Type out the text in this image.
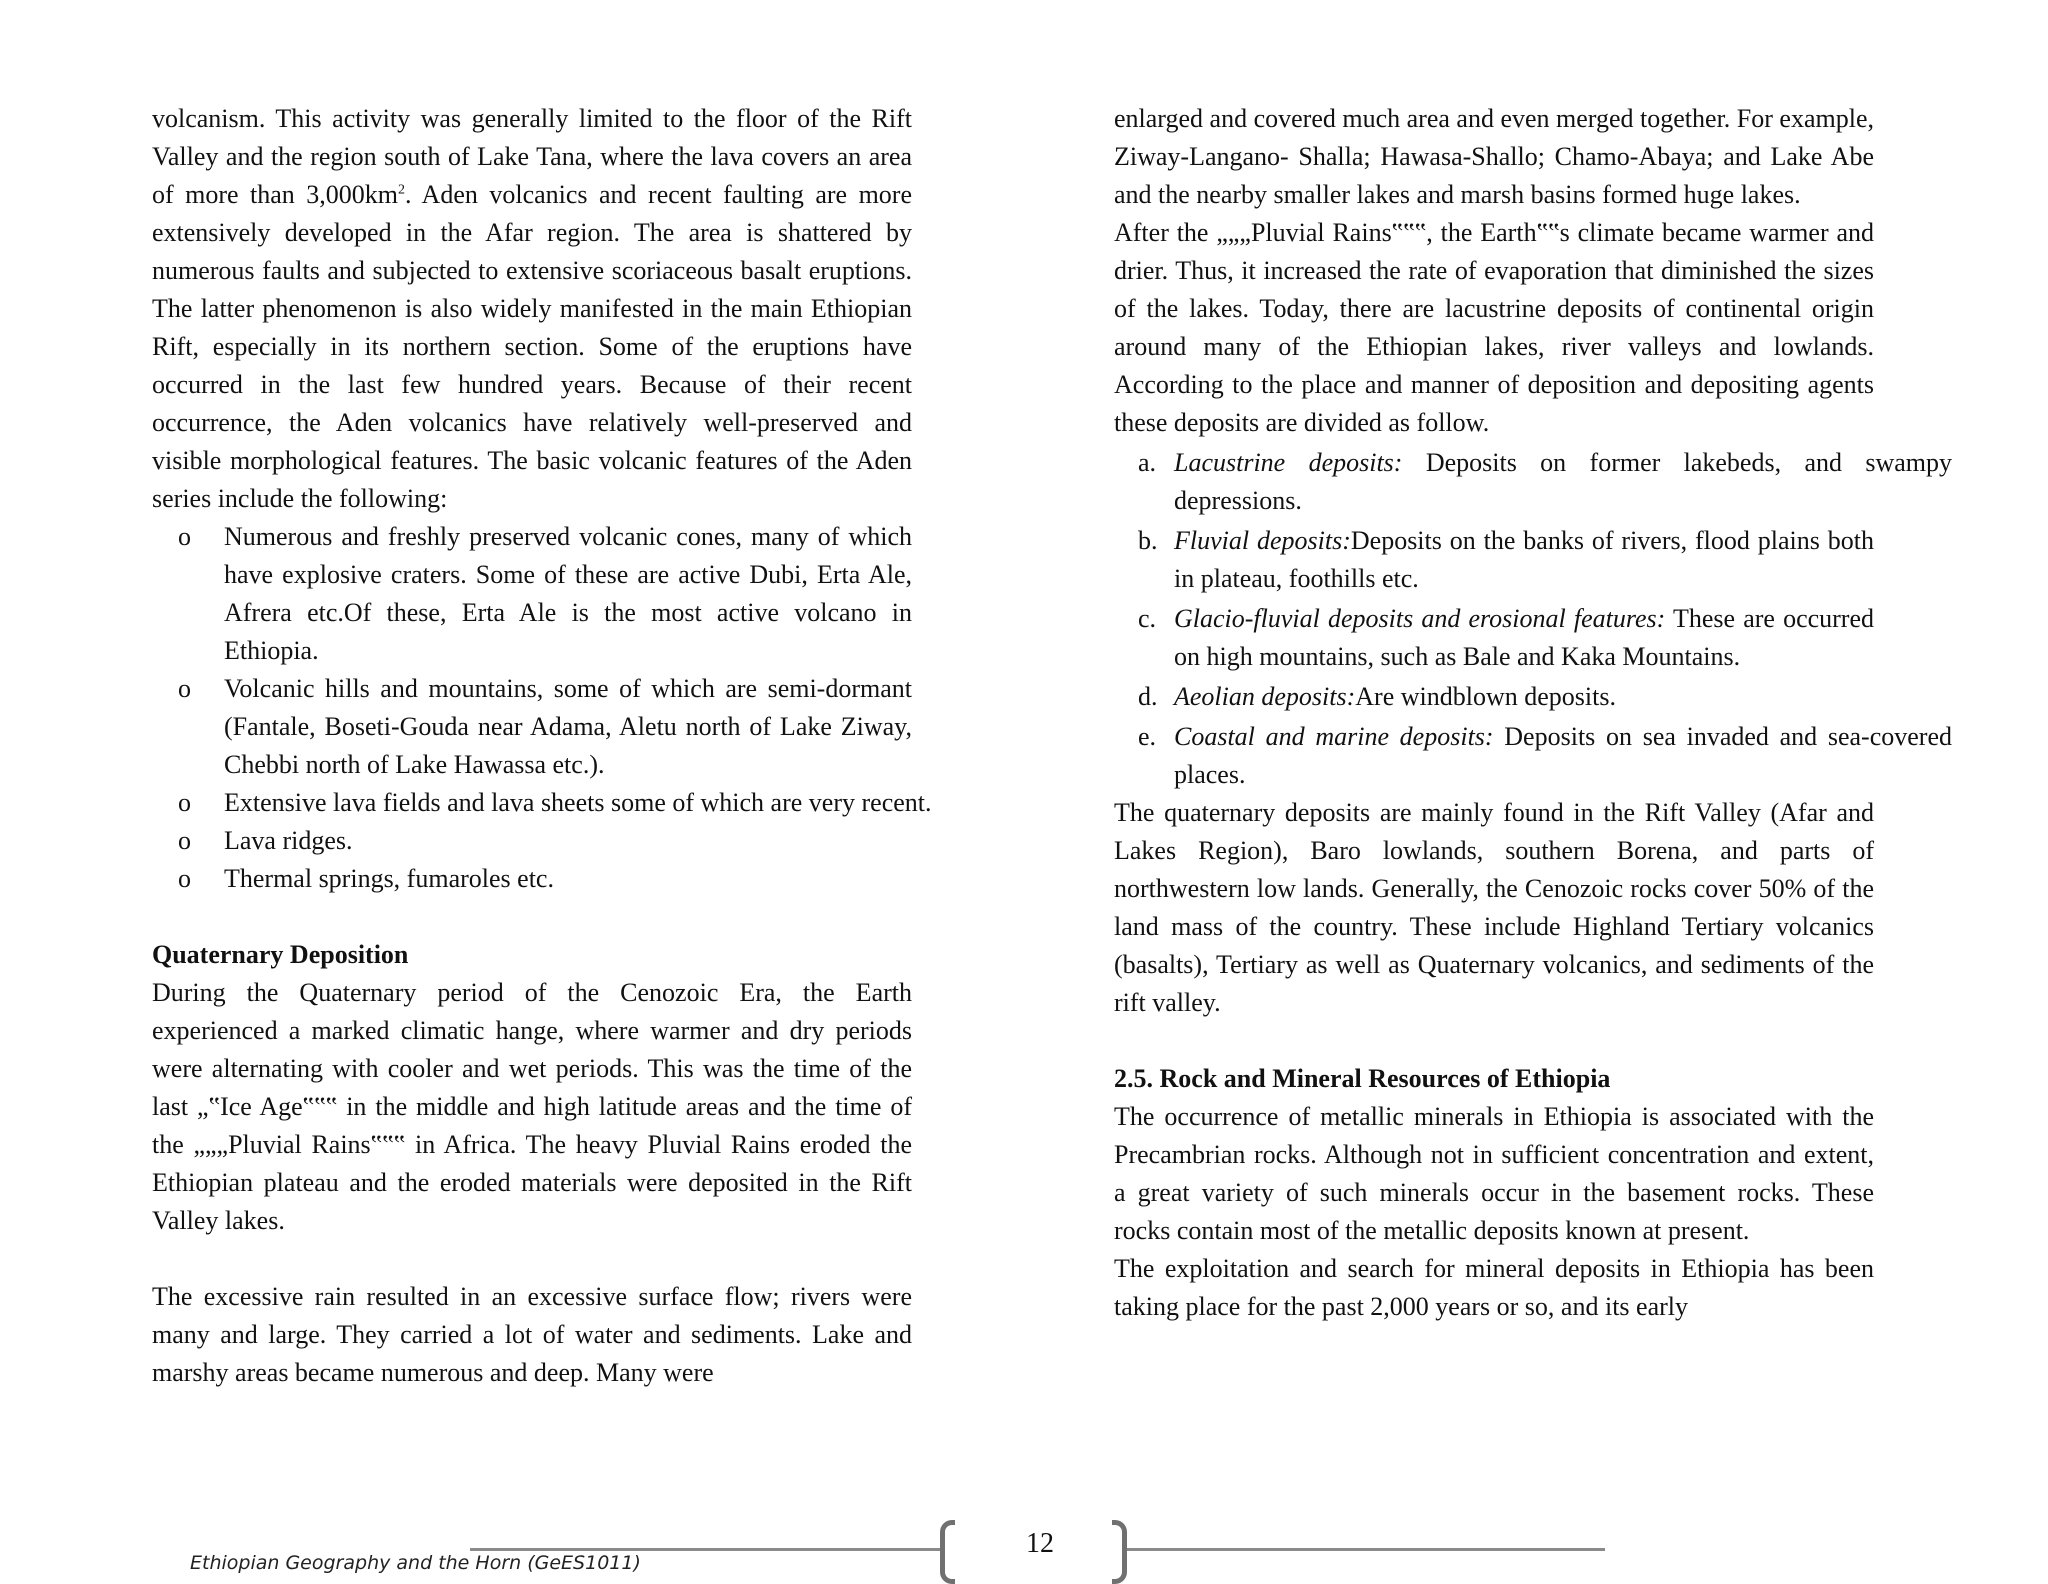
volcanism. This activity was generally limited to the floor of the Rift Valley and the region south of Lake Tana, where the lava covers an area of more than $3,000km^2$. Aden volcanics and recent faulting are more extensively developed in the Afar region. The area is shattered by numerous faults and subjected to extensive scoriaceous basalt eruptions. The latter phenomenon is also widely manifested in the main Ethiopian Rift, especially in its northern section. Some of the eruptions have occurred in the last few hundred years. Because of their recent occurrence, the Aden volcanics have relatively well-preserved and visible morphological features. The basic volcanic features of the Aden series include the following:

o Numerous and freshly preserved volcanic cones, many of which have explosive craters. Some of these are active Dubi, Erta Ale, Afrera etc.Of these, Erta Ale is the most active volcano in Ethiopia.
o Volcanic hills and mountains, some of which are semi-dormant (Fantale, Boseti-Gouda near Adama, Aletu north of Lake Ziway, Chebbi north of Lake Hawassa etc.).
o Extensive lava fields and lava sheets some of which are very recent.
o Lava ridges.
o Thermal springs, fumaroles etc.
Quaternary Deposition

During the Quaternary period of the Cenozoic Era, the Earth experienced a marked climatic hange, where warmer and dry periods were alternating with cooler and wet periods. This was the time of the last „‟Ice Age‟‟‟ in the middle and high latitude areas and the time of the „„„Pluvial Rains‟‟‟ in Africa. The heavy Pluvial Rains eroded the Ethiopian plateau and the eroded materials were deposited in the Rift Valley lakes.

The excessive rain resulted in an excessive surface flow; rivers were many and large. They carried a lot of water and sediments. Lake and marshy areas became numerous and deep. Many were

enlarged and covered much area and even merged together. For example, Ziway-Langano- Shalla; Hawasa-Shallo; Chamo-Abaya; and Lake Abe and the nearby smaller lakes and marsh basins formed huge lakes.

After the „„„Pluvial Rains‟‟‟, the Earth‟‟s climate became warmer and drier. Thus, it increased the rate of evaporation that diminished the sizes of the lakes. Today, there are lacustrine deposits of continental origin around many of the Ethiopian lakes, river valleys and lowlands. According to the place and manner of deposition and depositing agents these deposits are divided as follow.

a. Lacustrine deposits: Deposits on former lakebeds, and swampy depressions.
b. Fluvial deposits:Deposits on the banks of rivers, flood plains both in plateau, foothills etc.
c. Glacio-fluvial deposits and erosional features: These are occurred on high mountains, such as Bale and Kaka Mountains.
d. Aeolian deposits:Are windblown deposits.
e. Coastal and marine deposits: Deposits on sea invaded and sea-covered places.

The quaternary deposits are mainly found in the Rift Valley (Afar and Lakes Region), Baro lowlands, southern Borena, and parts of northwestern low lands. Generally, the Cenozoic rocks cover 50% of the land mass of the country. These include Highland Tertiary volcanics (basalts), Tertiary as well as Quaternary volcanics, and sediments of the rift valley.

2.5. Rock and Mineral Resources of Ethiopia

The occurrence of metallic minerals in Ethiopia is associated with the Precambrian rocks. Although not in sufficient concentration and extent, a great variety of such minerals occur in the basement rocks. These rocks contain most of the metallic deposits known at present.

The exploitation and search for mineral deposits in Ethiopia has been taking place for the past 2,000 years or so, and its early

Ethiopian Geography and the Horn (GeES1011)
12
